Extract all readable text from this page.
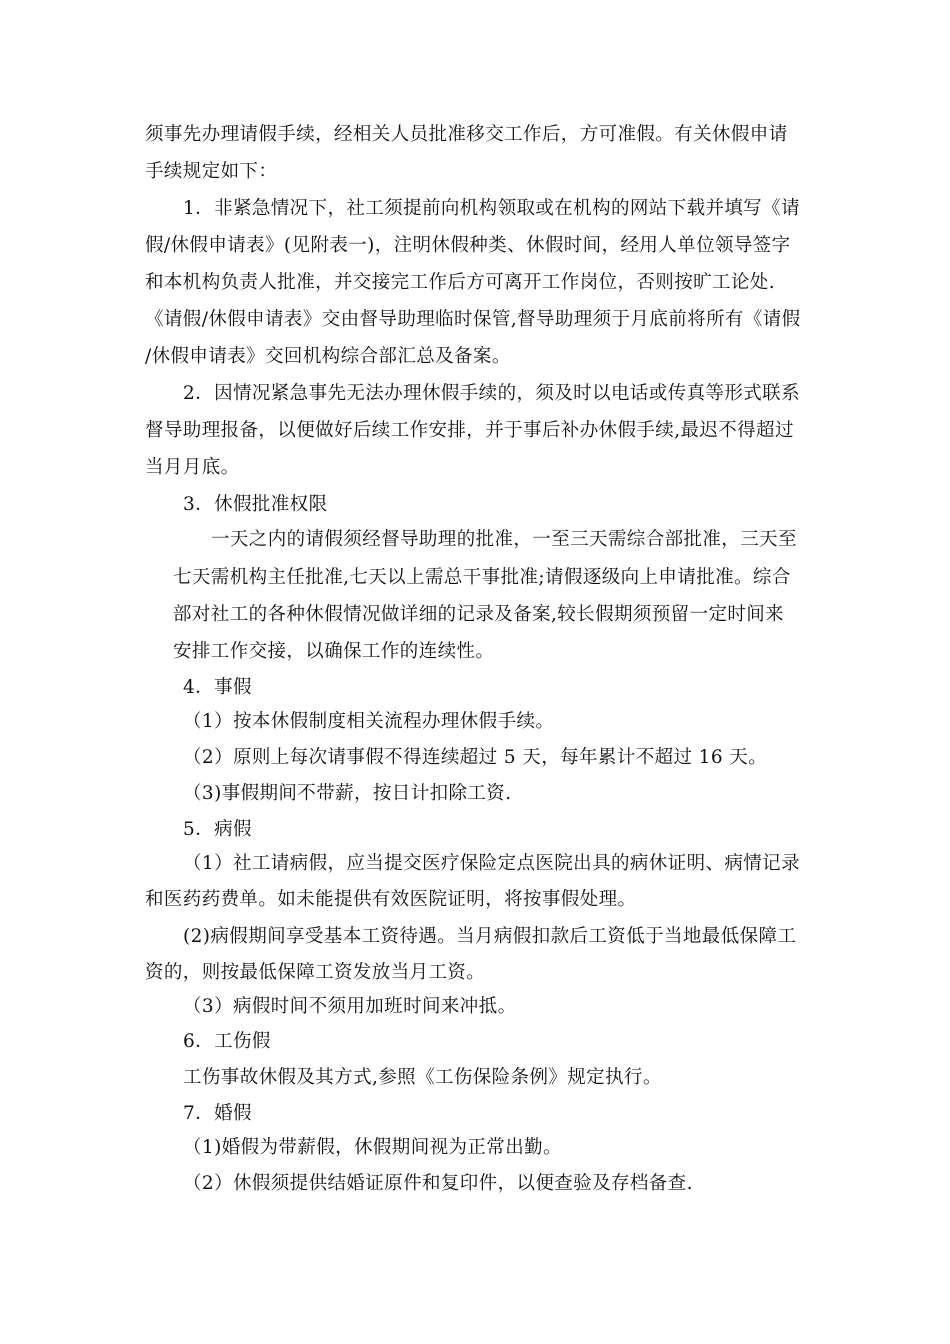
须事先办理请假手续，经相关人员批准移交工作后，方可准假。有关休假申请
手续规定如下：
1．非紧急情况下，社工须提前向机构领取或在机构的网站下载并填写《请
假/休假申请表》(见附表一)，注明休假种类、休假时间，经用人单位领导签字
和本机构负责人批准，并交接完工作后方可离开工作岗位，否则按旷工论处.
《请假/休假申请表》交由督导助理临时保管,督导助理须于月底前将所有《请假
/休假申请表》交回机构综合部汇总及备案。
2．因情况紧急事先无法办理休假手续的，须及时以电话或传真等形式联系
督导助理报备，以便做好后续工作安排，并于事后补办休假手续,最迟不得超过
当月月底。
3．休假批准权限
一天之内的请假须经督导助理的批准，一至三天需综合部批准，三天至
七天需机构主任批准,七天以上需总干事批准;请假逐级向上申请批准。综合
部对社工的各种休假情况做详细的记录及备案,较长假期须预留一定时间来
安排工作交接，以确保工作的连续性。
4．事假
（1）按本休假制度相关流程办理休假手续。
（2）原则上每次请事假不得连续超过 5 天，每年累计不超过 16 天。
（3)事假期间不带薪，按日计扣除工资.
5．病假
（1）社工请病假，应当提交医疗保险定点医院出具的病休证明、病情记录
和医药药费单。如未能提供有效医院证明，将按事假处理。
(2)病假期间享受基本工资待遇。当月病假扣款后工资低于当地最低保障工
资的，则按最低保障工资发放当月工资。
（3）病假时间不须用加班时间来冲抵。
6．工伤假
工伤事故休假及其方式,参照《工伤保险条例》规定执行。
7．婚假
（1)婚假为带薪假，休假期间视为正常出勤。
（2）休假须提供结婚证原件和复印件，以便查验及存档备查.
